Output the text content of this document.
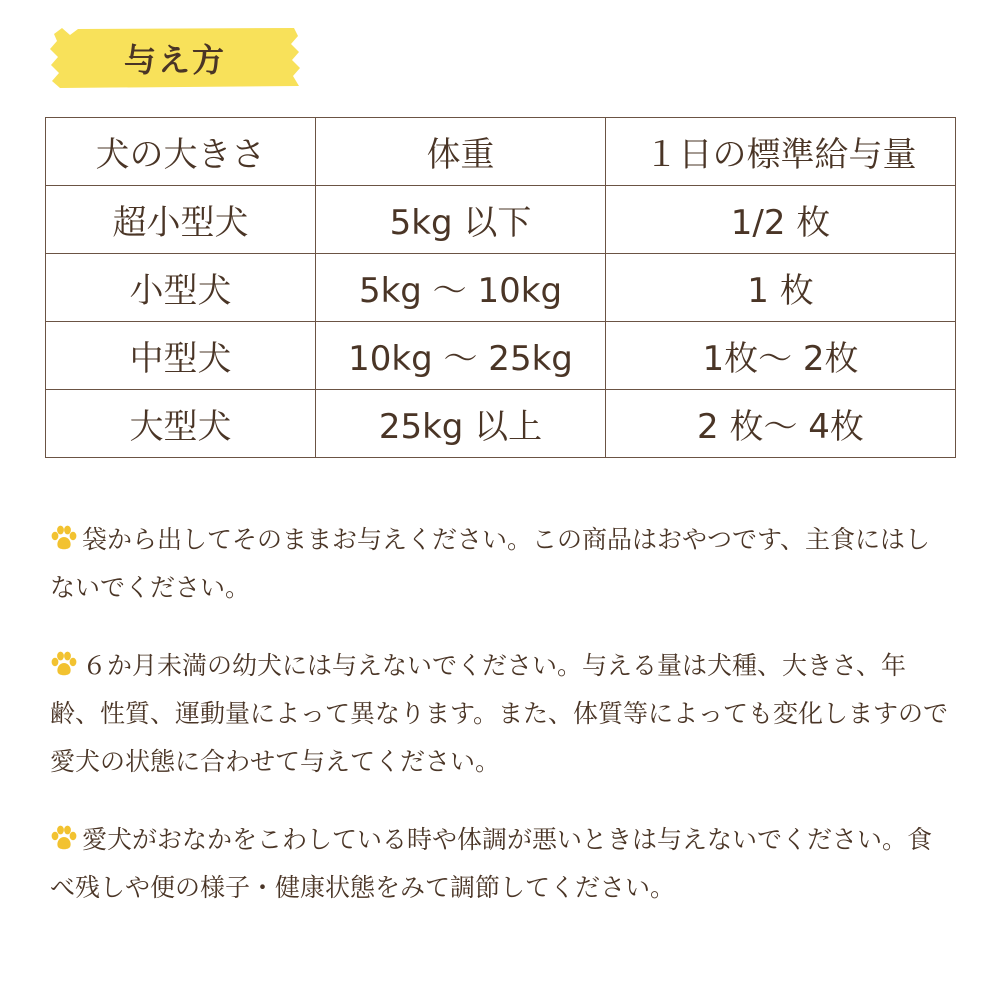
与え方
犬の大きさ	体重	１日の標準給与量
超小型犬	5kg 以下	1/2 枚
小型犬	5kg 〜 10kg	1 枚
中型犬	10kg 〜 25kg	1枚〜 2枚
大型犬	25kg 以上	2 枚〜 4枚
袋から出してそのままお与えください。この商品はおやつです、主食にはしないでください。
６か月未満の幼犬には与えないでください。与える量は犬種、大きさ、年齢、性質、運動量によって異なります。また、体質等によっても変化しますので愛犬の状態に合わせて与えてください。
愛犬がおなかをこわしている時や体調が悪いときは与えないでください。食べ残しや便の様子・健康状態をみて調節してください。
